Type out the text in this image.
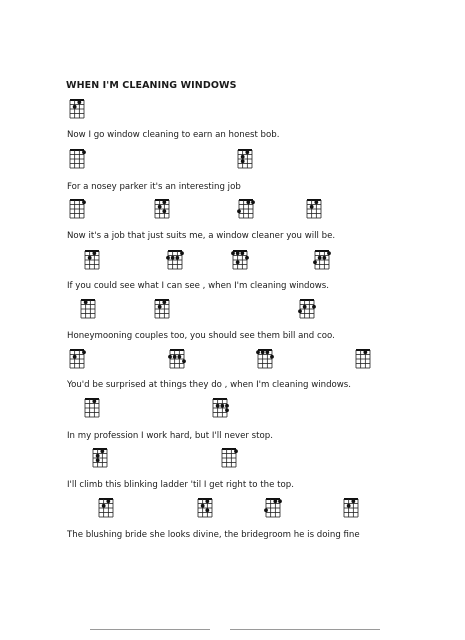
WHEN I'M CLEANING WINDOWS
Now I go window cleaning to earn an honest bob.
For a nosey parker it's an interesting job
Now it's a job that just suits me, a window cleaner you will be.
If you could see what I can see , when I'm cleaning windows.
Honeymooning couples too, you should see them bill and coo.
You'd be surprised at things they do , when I'm cleaning windows.
In my profession I work hard, but I'll never stop.
I'll climb this blinking ladder 'til I get right to the top.
The blushing bride she looks divine, the bridegroom he is doing fine
